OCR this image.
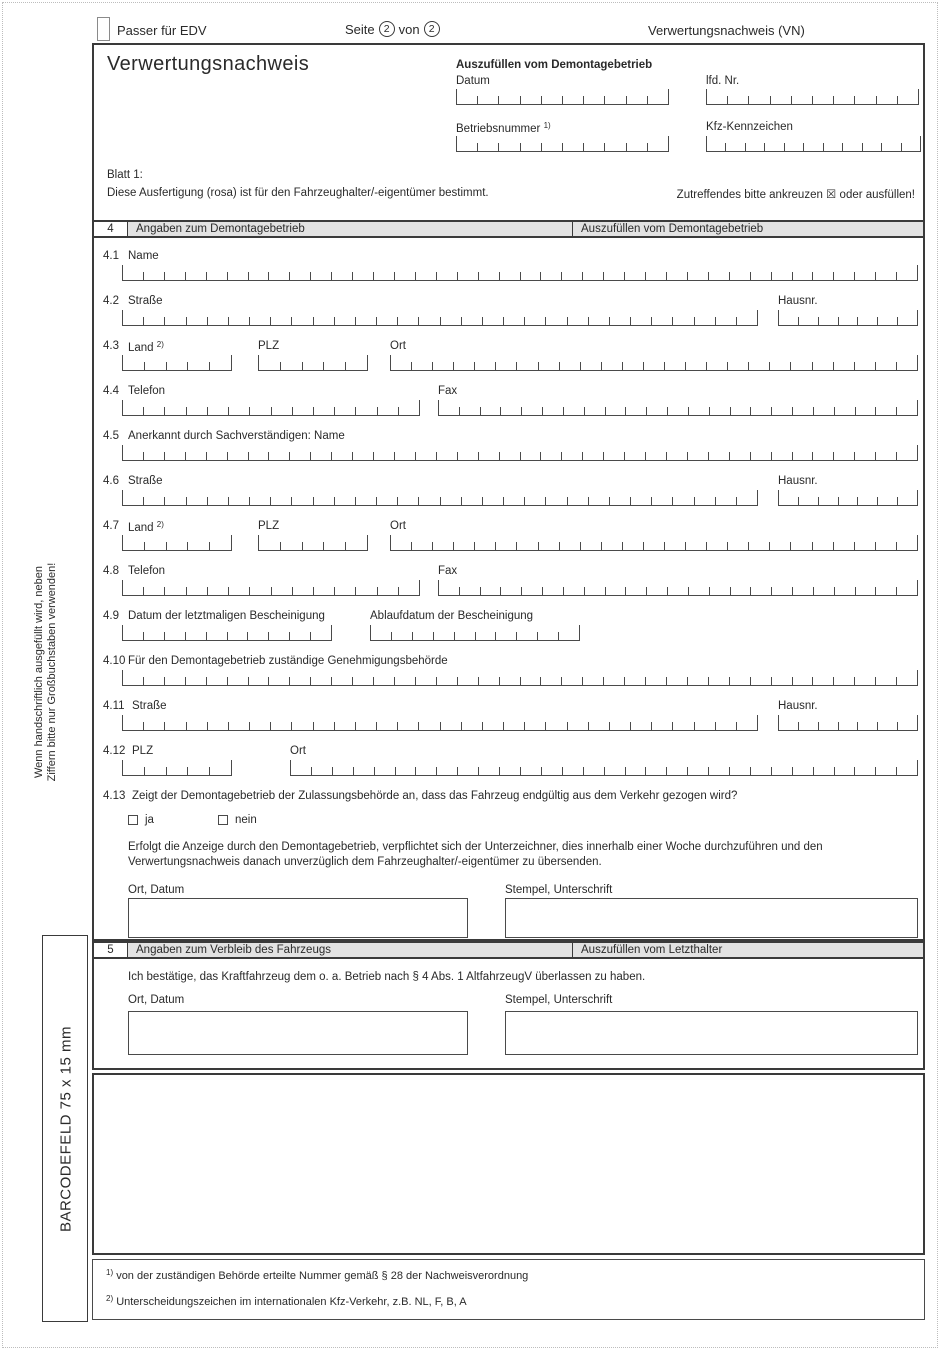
Passer für EDV	Seite 2 von 2	Verwertungsnachweis (VN)
Verwertungsnachweis	Auszufüllen vom Demontagebetrieb
Datum	lfd. Nr.
Betriebsnummer $^{1)}$	Kfz-Kennzeichen
Blatt 1:
Diese Ausfertigung (rosa) ist für den Fahrzeughalter/-eigentümer bestimmt.	Zutreffendes bitte ankreuzen ☒ oder ausfüllen!
4	Angaben zum Demontagebetrieb	Auszufüllen vom Demontagebetrieb
4.1 Name
4.2 Straße	Hausnr.
4.3 Land $^{2)}$	PLZ	Ort
4.4 Telefon	Fax
4.5 Anerkannt durch Sachverständigen: Name
4.6 Straße	Hausnr.
4.7 Land $^{2)}$	PLZ	Ort
4.8 Telefon	Fax
4.9 Datum der letztmaligen Bescheinigung	Ablaufdatum der Bescheinigung
4.10 Für den Demontagebetrieb zuständige Genehmigungsbehörde
4.11 Straße	Hausnr.
4.12 PLZ	Ort
4.13 Zeigt der Demontagebetrieb der Zulassungsbehörde an, dass das Fahrzeug endgültig aus dem Verkehr gezogen wird?
ja	nein
Erfolgt die Anzeige durch den Demontagebetrieb, verpflichtet sich der Unterzeichner, dies innerhalb einer Woche durchzuführen und den Verwertungsnachweis danach unverzüglich dem Fahrzeughalter/-eigentümer zu übersenden.
Ort, Datum	Stempel, Unterschrift
5	Angaben zum Verbleib des Fahrzeugs	Auszufüllen vom Letzthalter
Ich bestätige, das Kraftfahrzeug dem o. a. Betrieb nach § 4 Abs. 1 AltfahrzeugV überlassen zu haben.
Ort, Datum	Stempel, Unterschrift
$^{1)}$ von der zuständigen Behörde erteilte Nummer gemäß § 28 der Nachweisverordnung
$^{2)}$ Unterscheidungszeichen im internationalen Kfz-Verkehr, z.B. NL, F, B, A
Wenn handschriftlich ausgefüllt wird, neben Ziffern bitte nur Großbuchstaben verwenden!
BARCODEFELD 75 x 15 mm
